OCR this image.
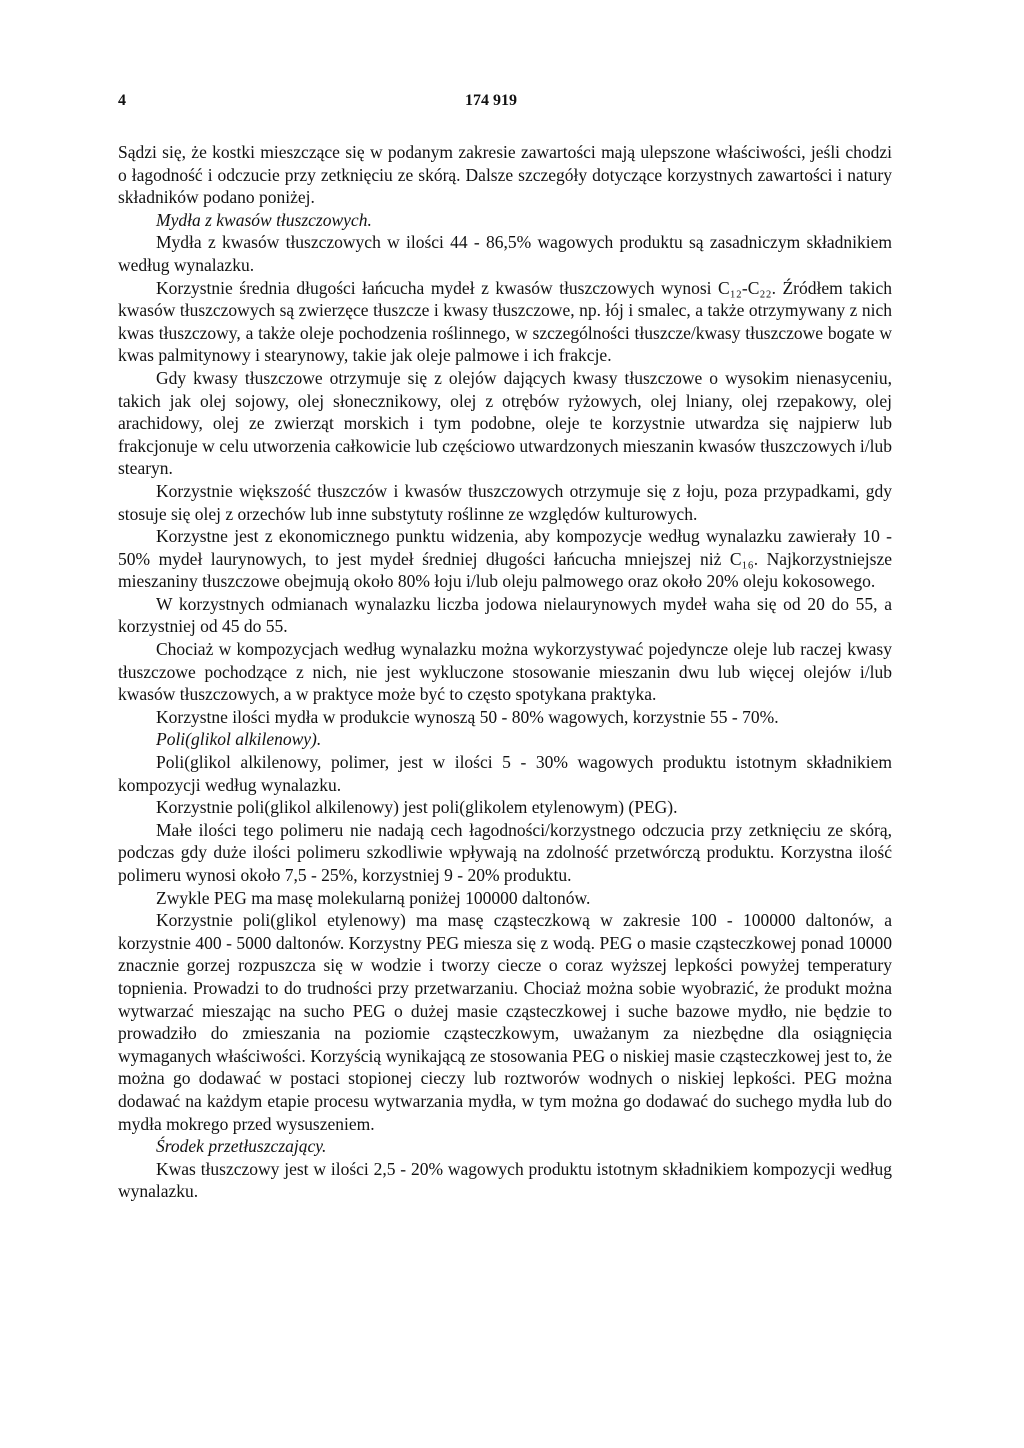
4	174 919

Sądzi się, że kostki mieszczące się w podanym zakresie zawartości mają ulepszone właściwości, jeśli chodzi o łagodność i odczucie przy zetknięciu ze skórą. Dalsze szczegóły dotyczące korzystnych zawartości i natury składników podano poniżej.

Mydła z kwasów tłuszczowych.

Mydła z kwasów tłuszczowych w ilości 44 - 86,5% wagowych produktu są zasadniczym składnikiem według wynalazku.

Korzystnie średnia długości łańcucha mydeł z kwasów tłuszczowych wynosi C₁₂-C₂₂. Źródłem takich kwasów tłuszczowych są zwierzęce tłuszcze i kwasy tłuszczowe, np. łój i smalec, a także otrzymywany z nich kwas tłuszczowy, a także oleje pochodzenia roślinnego, w szczególności tłuszcze/kwasy tłuszczowe bogate w kwas palmitynowy i stearynowy, takie jak oleje palmowe i ich frakcje.

Gdy kwasy tłuszczowe otrzymuje się z olejów dających kwasy tłuszczowe o wysokim nienasyceniu, takich jak olej sojowy, olej słonecznikowy, olej z otrębów ryżowych, olej lniany, olej rzepakowy, olej arachidowy, olej ze zwierząt morskich i tym podobne, oleje te korzystnie utwardza się najpierw lub frakcjonuje w celu utworzenia całkowicie lub częściowo utwardzonych mieszanin kwasów tłuszczowych i/lub stearyn.

Korzystnie większość tłuszczów i kwasów tłuszczowych otrzymuje się z łoju, poza przypadkami, gdy stosuje się olej z orzechów lub inne substytuty roślinne ze względów kulturowych.

Korzystne jest z ekonomicznego punktu widzenia, aby kompozycje według wynalazku zawierały 10 - 50% mydeł laurynowych, to jest mydeł średniej długości łańcucha mniejszej niż C₁₆. Najkorzystniejsze mieszaniny tłuszczowe obejmują około 80% łoju i/lub oleju palmowego oraz około 20% oleju kokosowego.

W korzystnych odmianach wynalazku liczba jodowa nielaurynowych mydeł waha się od 20 do 55, a korzystniej od 45 do 55.

Chociaż w kompozycjach według wynalazku można wykorzystywać pojedyncze oleje lub raczej kwasy tłuszczowe pochodzące z nich, nie jest wykluczone stosowanie mieszanin dwu lub więcej olejów i/lub kwasów tłuszczowych, a w praktyce może być to często spotykana praktyka.

Korzystne ilości mydła w produkcie wynoszą 50 - 80% wagowych, korzystnie 55 - 70%.

Poli(glikol alkilenowy).

Poli(glikol alkilenowy, polimer, jest w ilości 5 - 30% wagowych produktu istotnym składnikiem kompozycji według wynalazku.

Korzystnie poli(glikol alkilenowy) jest poli(glikolem etylenowym) (PEG).

Małe ilości tego polimeru nie nadają cech łagodności/korzystnego odczucia przy zetknięciu ze skórą, podczas gdy duże ilości polimeru szkodliwie wpływają na zdolność przetwórczą produktu. Korzystna ilość polimeru wynosi około 7,5 - 25%, korzystniej 9 - 20% produktu.

Zwykle PEG ma masę molekularną poniżej 100000 daltonów.

Korzystnie poli(glikol etylenowy) ma masę cząsteczkową w zakresie 100 - 100000 daltonów, a korzystnie 400 - 5000 daltonów. Korzystny PEG miesza się z wodą. PEG o masie cząsteczkowej ponad 10000 znacznie gorzej rozpuszcza się w wodzie i tworzy ciecze o coraz wyższej lepkości powyżej temperatury topnienia. Prowadzi to do trudności przy przetwarzaniu. Chociaż można sobie wyobrazić, że produkt można wytwarzać mieszając na sucho PEG o dużej masie cząsteczkowej i suche bazowe mydło, nie będzie to prowadziło do zmieszania na poziomie cząsteczkowym, uważanym za niezbędne dla osiągnięcia wymaganych właściwości. Korzyścią wynikającą ze stosowania PEG o niskiej masie cząsteczkowej jest to, że można go dodawać w postaci stopionej cieczy lub roztworów wodnych o niskiej lepkości. PEG można dodawać na każdym etapie procesu wytwarzania mydła, w tym można go dodawać do suchego mydła lub do mydła mokrego przed wysuszeniem.

Środek przetłuszczający.

Kwas tłuszczowy jest w ilości 2,5 - 20% wagowych produktu istotnym składnikiem kompozycji według wynalazku.
